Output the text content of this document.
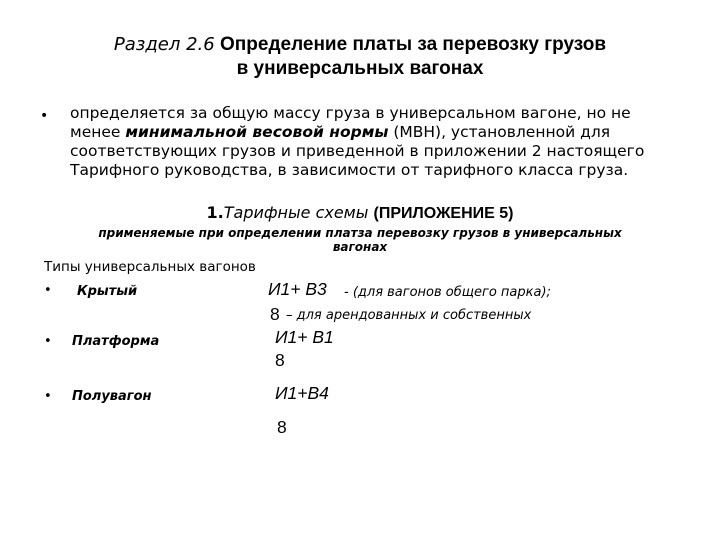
Раздел 2.6 Определение платы за перевозку грузов
в универсальных вагонах
• определяется за общую массу груза в универсальном вагоне, но не менее минимальной весовой нормы (МВН), установленной для соответствующих грузов и приведенной в приложении 2 настоящего Тарифного руководства, в зависимости от тарифного класса груза.
1.Тарифные схемы (ПРИЛОЖЕНИЕ 5)
применяемые при определении платза перевозку грузов в универсальных
вагонах
Типы универсальных вагонов
• Крытый	И1+ В3 - (для вагонов общего парка);
8 – для арендованных и собственных
• Платформа	И1+ В1
8
• Полувагон	И1+В4
8
